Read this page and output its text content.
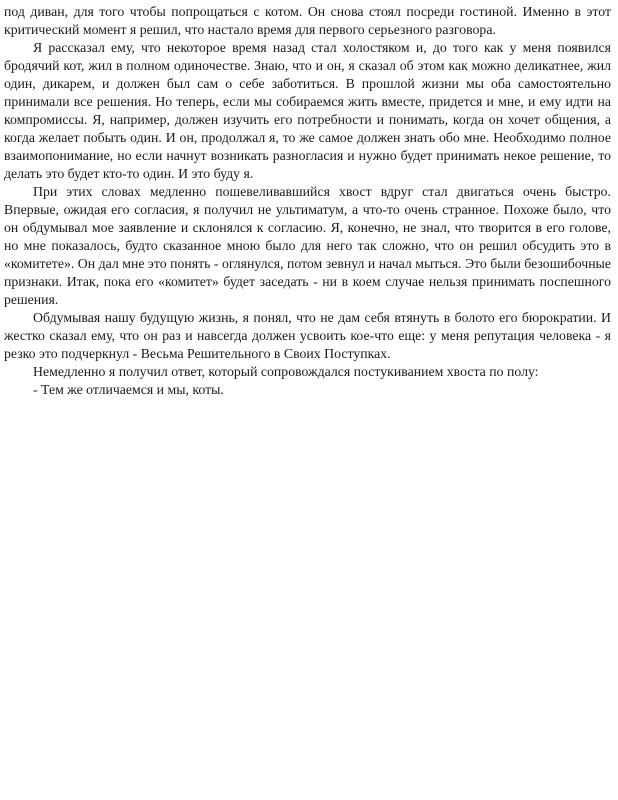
под диван, для того чтобы попрощаться с котом. Он снова стоял посреди гостиной. Именно в этот критический момент я решил, что настало время для первого серьезного разговора.

Я рассказал ему, что некоторое время назад стал холостяком и, до того как у меня появился бродячий кот, жил в полном одиночестве. Знаю, что и он, я сказал об этом как можно деликатнее, жил один, дикарем, и должен был сам о себе заботиться. В прошлой жизни мы оба самостоятельно принимали все решения. Но теперь, если мы собираемся жить вместе, придется и мне, и ему идти на компромиссы. Я, например, должен изучить его потребности и понимать, когда он хочет общения, а когда желает побыть один. И он, продолжал я, то же самое должен знать обо мне. Необходимо полное взаимопонимание, но если начнут возникать разногласия и нужно будет принимать некое решение, то делать это будет кто-то один. И это буду я.

При этих словах медленно пошевеливавшийся хвост вдруг стал двигаться очень быстро. Впервые, ожидая его согласия, я получил не ультиматум, а что-то очень странное. Похоже было, что он обдумывал мое заявление и склонялся к согласию. Я, конечно, не знал, что творится в его голове, но мне показалось, будто сказанное мною было для него так сложно, что он решил обсудить это в «комитете». Он дал мне это понять - оглянулся, потом зевнул и начал мыться. Это были безошибочные признаки. Итак, пока его «комитет» будет заседать - ни в коем случае нельзя принимать поспешного решения.

Обдумывая нашу будущую жизнь, я понял, что не дам себя втянуть в болото его бюрократии. И жестко сказал ему, что он раз и навсегда должен усвоить кое-что еще: у меня репутация человека - я резко это подчеркнул - Весьма Решительного в Своих Поступках.

Немедленно я получил ответ, который сопровождался постукиванием хвоста по полу:

- Тем же отличаемся и мы, коты.
